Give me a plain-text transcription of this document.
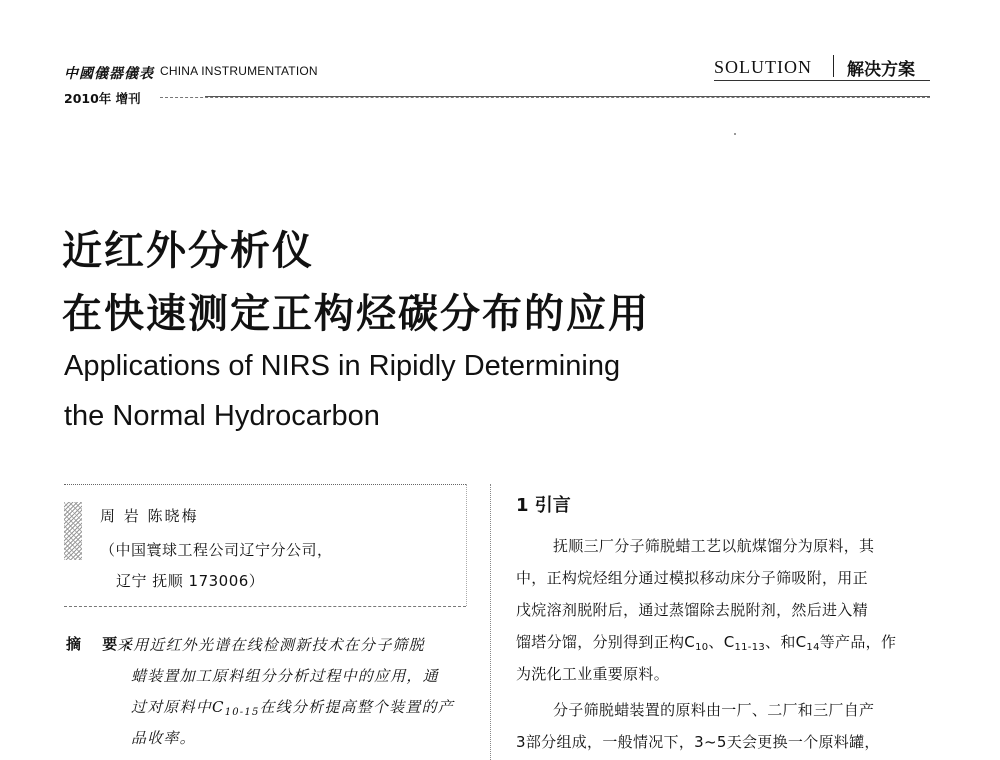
中國儀器儀表 CHINA INSTRUMENTATION
2010年 增刊
SOLUTION 解决方案
近红外分析仪
在快速测定正构烃碳分布的应用
Applications of NIRS in Ripidly Determining
the Normal Hydrocarbon
周 岩 陈晓梅
（中国寰球工程公司辽宁分公司，
辽宁 抚顺 173006）
摘 要:
采用近红外光谱在线检测新技术在分子筛脱
蜡装置加工原料组分分析过程中的应用，通
过对原料中$C_{10-15}$在线分析提高整个装置的产
品收率。
1 引言
抚顺三厂分子筛脱蜡工艺以航煤馏分为原料，其
中，正构烷烃组分通过模拟移动床分子筛吸附，用正
戊烷溶剂脱附后，通过蒸馏除去脱附剂，然后进入精
馏塔分馏，分别得到正构$C_{10}$、$C_{11-13}$、和$C_{14}$等产品，作
为洗化工业重要原料。
分子筛脱蜡装置的原料由一厂、二厂和三厂自产
3部分组成，一般情况下，3~5天会更换一个原料罐，
